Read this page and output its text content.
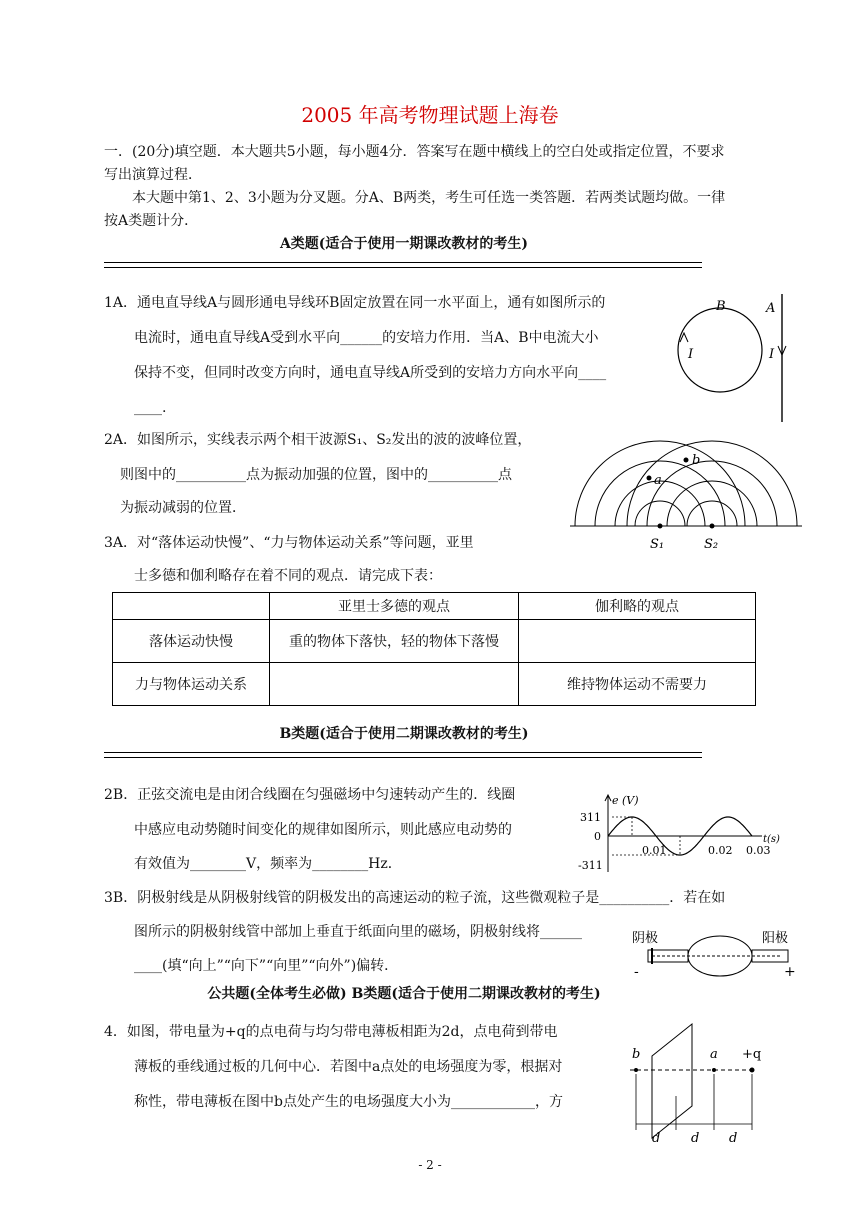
2005 年高考物理试题上海卷
一．(20分)填空题．本大题共5小题，每小题4分．答案写在题中横线上的空白处或指定位置，不要求
写出演算过程．
本大题中第1、2、3小题为分叉题。分A、B两类，考生可任选一类答题．若两类试题均做。一律
按A类题计分．
A类题(适合于使用一期课改教材的考生)
1A．通电直导线A与圆形通电导线环B固定放置在同一水平面上，通有如图所示的
电流时，通电直导线A受到水平向______的安培力作用．当A、B中电流大小
保持不变，但同时改变方向时，通电直导线A所受到的安培力方向水平向____
____.
B	A
I	I
2A．如图所示，实线表示两个相干波源S₁、S₂发出的波的波峰位置，
则图中的__________点为振动加强的位置，图中的__________点
为振动减弱的位置．
a
b
S₁	S₂
3A．对“落体运动快慢”、“力与物体运动关系”等问题，亚里
士多德和伽利略存在着不同的观点．请完成下表：
	亚里士多德的观点	伽利略的观点
落体运动快慢	重的物体下落快，轻的物体下落慢	
力与物体运动关系		维持物体运动不需要力
B类题(适合于使用二期课改教材的考生)
2B．正弦交流电是由闭合线圈在匀强磁场中匀速转动产生的．线圈
中感应电动势随时间变化的规律如图所示，则此感应电动势的
有效值为________V，频率为________Hz．
e (V)
t(s)
311
0
-311
0.01	0.02 0.03
3B．阴极射线是从阴极射线管的阴极发出的高速运动的粒子流，这些微观粒子是__________．若在如
图所示的阴极射线管中部加上垂直于纸面向里的磁场，阴极射线将______
____(填“向上”“向下”“向里”“向外”)偏转．
阴极	阳极
-	+
公共题(全体考生必做) B类题(适合于使用二期课改教材的考生)
4．如图，带电量为+q的点电荷与均匀带电薄板相距为2d，点电荷到带电
薄板的垂线通过板的几何中心．若图中a点处的电场强度为零，根据对
称性，带电薄板在图中b点处产生的电场强度大小为____________，方
b	a +q
d d d
- 2 -
